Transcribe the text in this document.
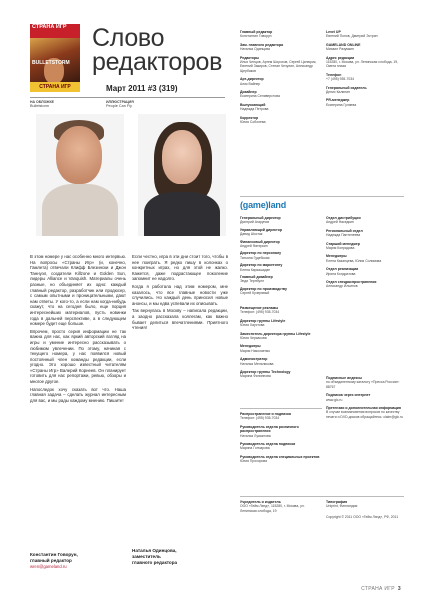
СТРАНА ИГР
BULLETSTORM
СТРАНА ИГР
Слово
редакторов
Март 2011 #3 (319)
НА ОБЛОЖКЕ
Bulletstorm
ИЛЛЮСТРАЦИЯ
People Can Fly

В этом номере у нас особенно много интервью. На вопросы «Страны Игр» (и, конечно, Гамлета) отвечали Клифф Блезински и Джон Таннуэл, создатели Killzone и Golden Sun, лидеры Alliance и Vanquish. Материалы очень разные, но объединяет их одно: каждый главный редактор, разработчик или продюсер, с самым опытными и проницательными, дают нам ответы. У кого-то, а если нам когда-нибудь скажут, что на сегодня было, еще порция интереснейших материалов, пусть новинки года в дальней перспективе, а в следующем номере будет еще больше.

Впрочем, просто серия информации не так важна для нас, как яркий авторский взгляд на игры и умение интересно рассказывать о любимом увлечении. По этому, начиная с текущего номера, у нас появился новый постоянный член команды редакции, если угодно. Это хорошо известный читателям «Страны Игр» Валерий Корнеев. Он планирует готовить для нас репортажи, ревью, обзоры и многое другое.

Напоследок хочу сказать вот что. Наша главная задача – сделать журнал интересным для вас, и мы рады каждому мнению. Пишите!

Если честно, игра в эти дни стоит того, чтобы в нее поиграть. Я редко пишу в колонках о конкретных играх, но для этой не жалко. Кажется, даже подрастающее поколение запомнит ее надолго.

Когда я работала над этим номером, мне казалось, что все главные новости уже случились. Но каждый день приносил новые анонсы, и мы едва успевали их описывать.

Так вернулась в Москву – написала редакции, а заодно рассказала коллегам, как важно бывает делиться впечатлениями. Приятного чтения!

Константин Говорун,
главный редактор
wren@gameland.ru
Наталья Одинцова,
заместитель
главного редактора
Главный редактор
Константин Говорун
Зам. главного редактора
Наталья Одинцова
Редакторы
Илья Ченцов, Артем Шорохов, Сергей Цилюрик, Евгений Закиров, Степан Чечулин, Александр Щербаков
Арт-директор
Алик Вайнер
Дизайнер
Екатерина Селиверстова
Выпускающий
Надежда Петрова
Корректор
Юлия Соболева
Level UP
Евгений Попов, Дмитрий Эстрин
GAMELAND ONLINE
Михаил Разумкин
Адрес редакции
115280, г. Москва, ул. Ленинская слобода, 19, Омега плаза
Телефон
+7 (495) 935-7034
Генеральный издатель
Денис Калинин
PR-менеджер
Екатерина Гуляева
(game)land
Генеральный директор
Дмитрий Агарунов
Управляющий директор
Давид Шостак
Финансовый директор
Андрей Фатеркин
Директор по персоналу
Татьяна Гудебская
Директор по маркетингу
Елена Каркашадзе
Главный дизайнер
Энди Тернбулл
Директор по производству
Сергей Кучерявый
Размещение рекламы
Телефон: (495) 935-7034
Директор группы Lifestyle
Юлия Хаустова
Заместитель директора группы Lifestyle
Юлия Черкасова
Менеджеры
Мария Николаенко
Администратор
Наталья Мельникова
Директор группы Technology
Марина Филиппова
Распространение и подписка
Телефон: (495) 935-7034
Руководитель отдела розничного распространения
Наталья Лукьянова
Руководитель отдела подписки
Марина Гончарова
Руководитель отдела специальных проектов
Юлия Прохорова
Учредитель и издатель
ООО «Гейм Лэнд», 115280, г. Москва, ул. Ленинская слобода, 19
Отдел дистрибуции
Андрей Наседкин
Региональный отдел
Надежда Пантелеева
Старший менеджер
Мария Конрадова
Менеджеры
Елена Казанцева, Юлия Солимова
Отдел реализации
Ирина Кондратова
Отдел спецраспространения
Александр Ильинов
Подписные индексы
по объединенному каталогу «Пресса России»: 88767
Подписка через интернет
www.glc.ru
Претензии и дополнительная информация
В случае возникновения вопросов по качеству печати и DVD-дисков обращайтесь: claim@glc.ru
Типография
Uniprint, Финляндия
Copyright © 2011 ООО «Гейм Лэнд», РФ, 2011
СТРАНА ИГР 3
